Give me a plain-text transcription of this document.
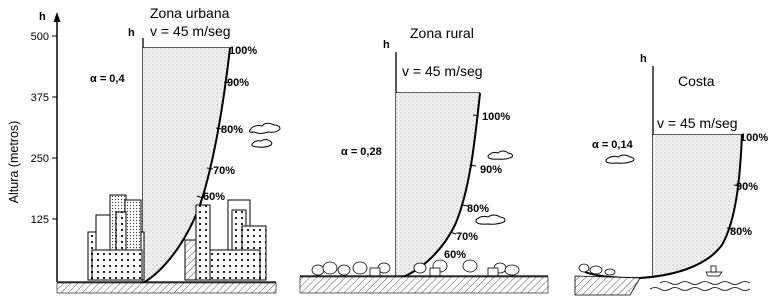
Altura (metros)
h
500
375
250
125
Zona urbana
v = 45 m/seg
h
100%
90%
80%
70%
60%
α = 0,4
Zona rural
v = 45 m/seg
h
100%
90%
80%
70%
60%
α = 0,28
Costa
v = 45 m/seg
h
100%
90%
80%
α = 0,14
